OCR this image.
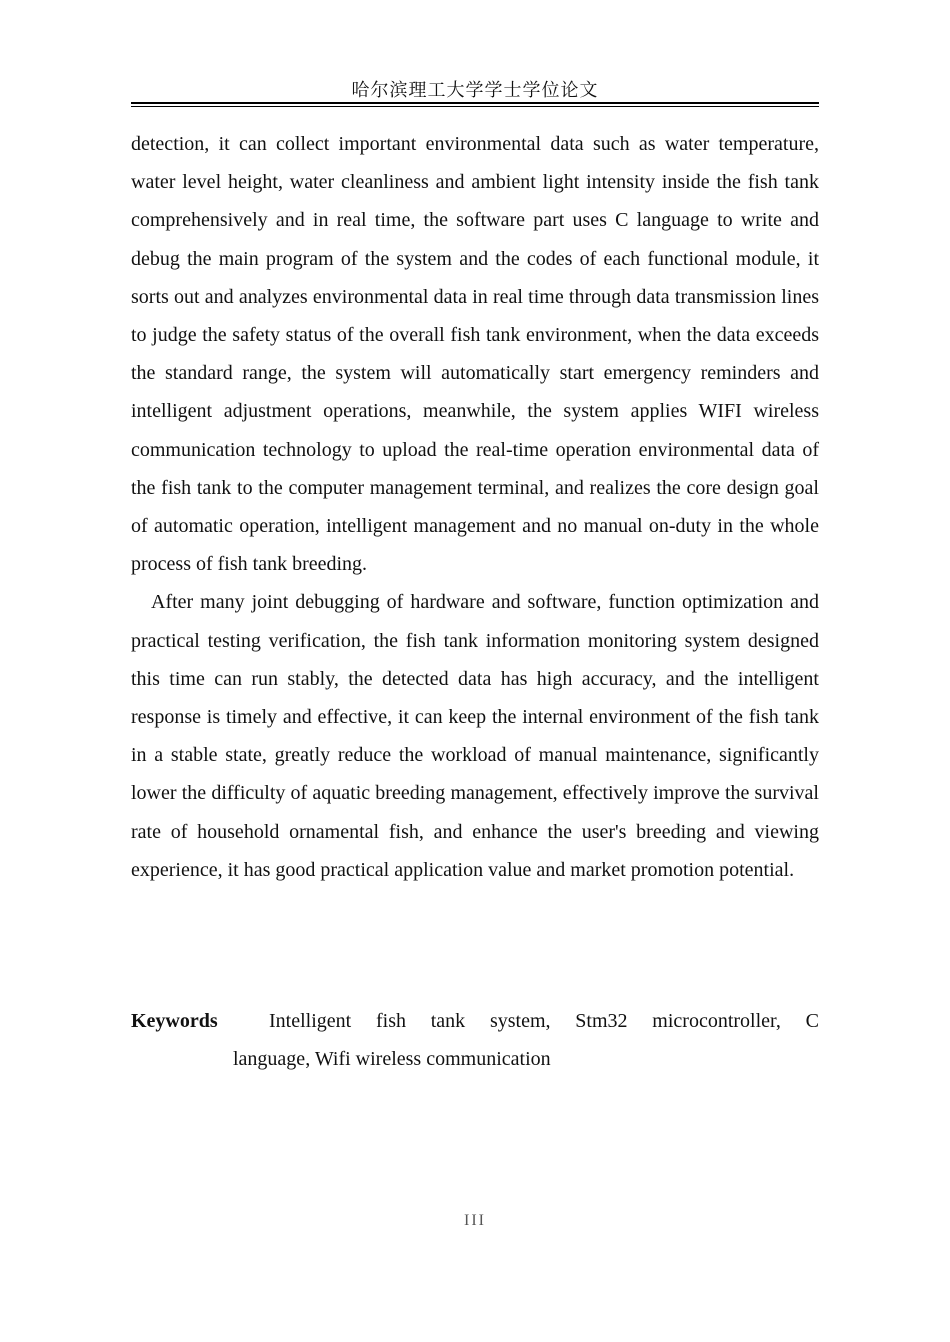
哈尔滨理工大学学士学位论文

detection, it can collect important environmental data such as water temperature, water level height, water cleanliness and ambient light intensity inside the fish tank comprehensively and in real time, the software part uses C language to write and debug the main program of the system and the codes of each functional module, it sorts out and analyzes environmental data in real time through data transmission lines to judge the safety status of the overall fish tank environment, when the data exceeds the standard range, the system will automatically start emergency reminders and intelligent adjustment operations, meanwhile, the system applies WIFI wireless communication technology to upload the real-time operation environmental data of the fish tank to the computer management terminal, and realizes the core design goal of automatic operation, intelligent management and no manual on-duty in the whole process of fish tank breeding.

After many joint debugging of hardware and software, function optimization and practical testing verification, the fish tank information monitoring system designed this time can run stably, the detected data has high accuracy, and the intelligent response is timely and effective, it can keep the internal environment of the fish tank in a stable state, greatly reduce the workload of manual maintenance, significantly lower the difficulty of aquatic breeding management, effectively improve the survival rate of household ornamental fish, and enhance the user's breeding and viewing experience, it has good practical application value and market promotion potential.

Keywords	Intelligent fish tank system, Stm32 microcontroller, C
language, Wifi wireless communication
III
